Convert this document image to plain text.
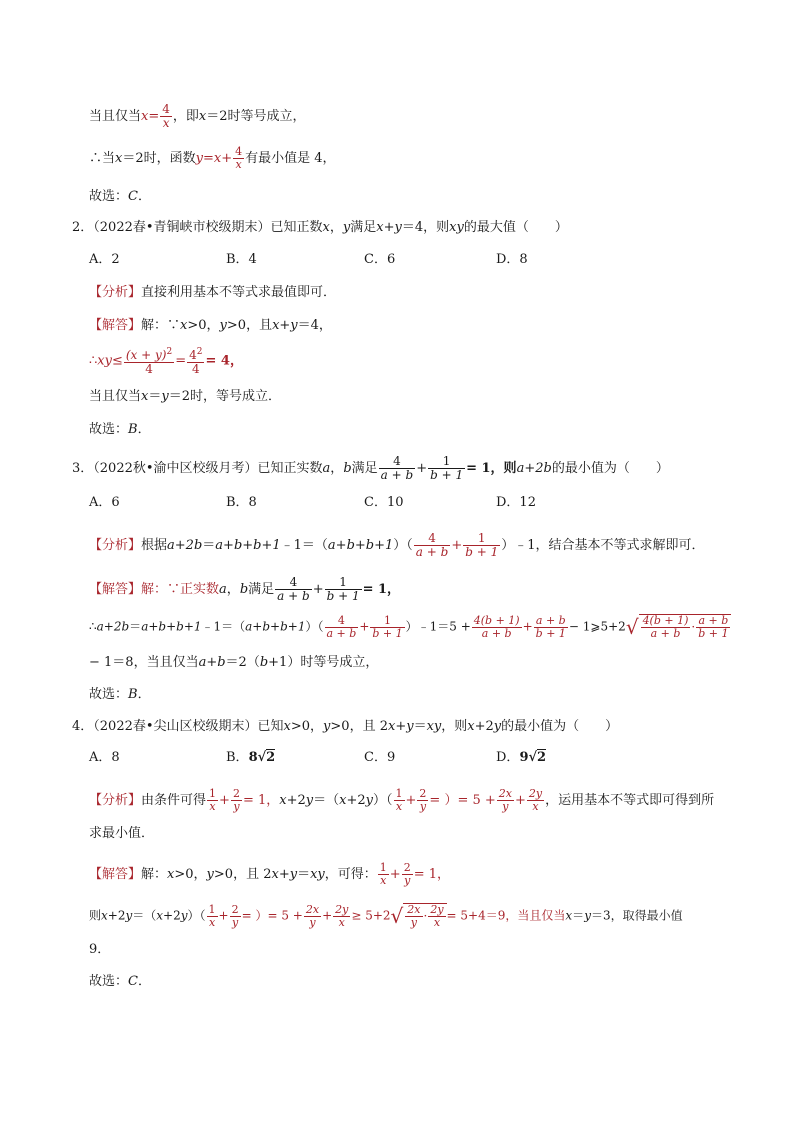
当且仅当$x= \frac{4}{x}$ ，即x＝2时等号成立，
∴当x＝2时，函数$y=x+ \frac{4}{x}$ 有最小值是 4，
故选：C．
2．（2022春•青铜峡市校级期末）已知正数x，y满足x+y＝4，则xy的最大值（　　）
A．2	B．4	C．6	D．8
【分析】直接利用基本不等式求最值即可．
【解答】解：∵x>0，y>0，且x+y＝4，
∴xy≤ $\frac{(x + y)^2}{4} = \frac{4^2}{4} = 4$，
当且仅当x＝y＝2时，等号成立．
故选：B．
3．（2022秋•渝中区校级月考）已知正实数a，b满足 $\frac{4}{a + b} + \frac{1}{b + 1} = 1$，则a+2b的最小值为（　　）
A．6	B．8	C．10	D．12
【分析】根据a+2b＝a+b+b+1﹣1＝（a+b+b+1）（ $\frac{4}{a + b} + \frac{1}{b + 1}$ ）﹣1，结合基本不等式求解即可．
【解答】解：∵正实数a，b满足 $\frac{4}{a + b} + \frac{1}{b + 1} = 1$，
∴a+2b＝a+b+b+1﹣1＝（a+b+b+1）（ $\frac{4}{a + b} + \frac{1}{b + 1}$ ）﹣1＝5 + $\frac{4(b + 1)}{a + b} + \frac{a + b}{b + 1}$ − 1⩾5+2√ $\frac{4(b + 1)}{a + b} \cdot \frac{a + b}{b + 1}$
− 1＝8，当且仅当a+b＝2（b+1）时等号成立，
故选：B．
4．（2022春•尖山区校级期末）已知x>0，y>0，且 2x+y＝xy，则x+2y的最小值为（　　）
A．8	B．8√2	C．9	D．9√2
【分析】由条件可得 $\frac{1}{x} + \frac{2}{y} = 1$，$x+2y=(x+2y)( \frac{1}{x} + \frac{2}{y}$ = ）= $5 + \frac{2x}{y} + \frac{2y}{x}$ ，运用基本不等式即可得到所
求最小值．
【解答】解：x>0，y>0，且 2x+y＝xy，可得： $\frac{1}{x} + \frac{2}{y} = 1$，
则$x+2y=(x+2y)( \frac{1}{x} + \frac{2}{y}$ = ）= $5 + \frac{2x}{y} + \frac{2y}{x} \ge 5+2√ \frac{2x}{y} \cdot \frac{2y}{x} = 5+4=9$，当且仅当x＝y＝3，取得最小值
9．
故选：C．
